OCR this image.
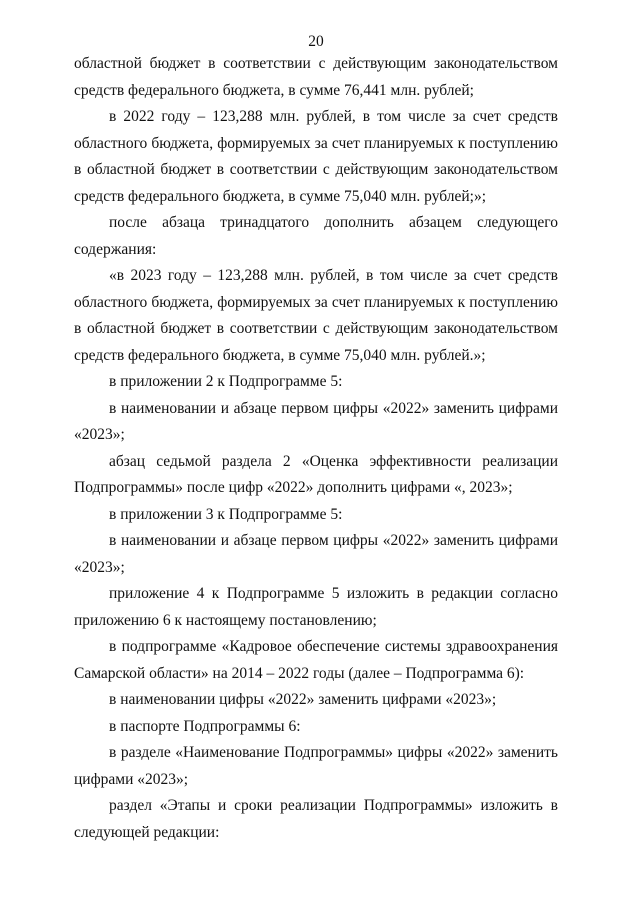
20

областной бюджет в соответствии с действующим законодательством средств федерального бюджета, в сумме 76,441 млн. рублей;

в 2022 году – 123,288 млн. рублей, в том числе за счет средств областного бюджета, формируемых за счет планируемых к поступлению в областной бюджет в соответствии с действующим законодательством средств федерального бюджета, в сумме 75,040 млн. рублей;»;

после абзаца тринадцатого дополнить абзацем следующего содержания:

«в 2023 году – 123,288 млн. рублей, в том числе за счет средств областного бюджета, формируемых за счет планируемых к поступлению в областной бюджет в соответствии с действующим законодательством средств федерального бюджета, в сумме 75,040 млн. рублей.»;

в приложении 2 к Подпрограмме 5:

в наименовании и абзаце первом цифры «2022» заменить цифрами «2023»;

абзац седьмой раздела 2 «Оценка эффективности реализации Подпрограммы» после цифр «2022» дополнить цифрами «, 2023»;

в приложении 3 к Подпрограмме 5:

в наименовании и абзаце первом цифры «2022» заменить цифрами «2023»;

приложение 4 к Подпрограмме 5 изложить в редакции согласно приложению 6 к настоящему постановлению;

в подпрограмме «Кадровое обеспечение системы здравоохранения Самарской области» на 2014 – 2022 годы (далее – Подпрограмма 6):

в наименовании цифры «2022» заменить цифрами «2023»;

в паспорте Подпрограммы 6:

в разделе «Наименование Подпрограммы» цифры «2022» заменить цифрами «2023»;

раздел «Этапы и сроки реализации Подпрограммы» изложить в следующей редакции:
